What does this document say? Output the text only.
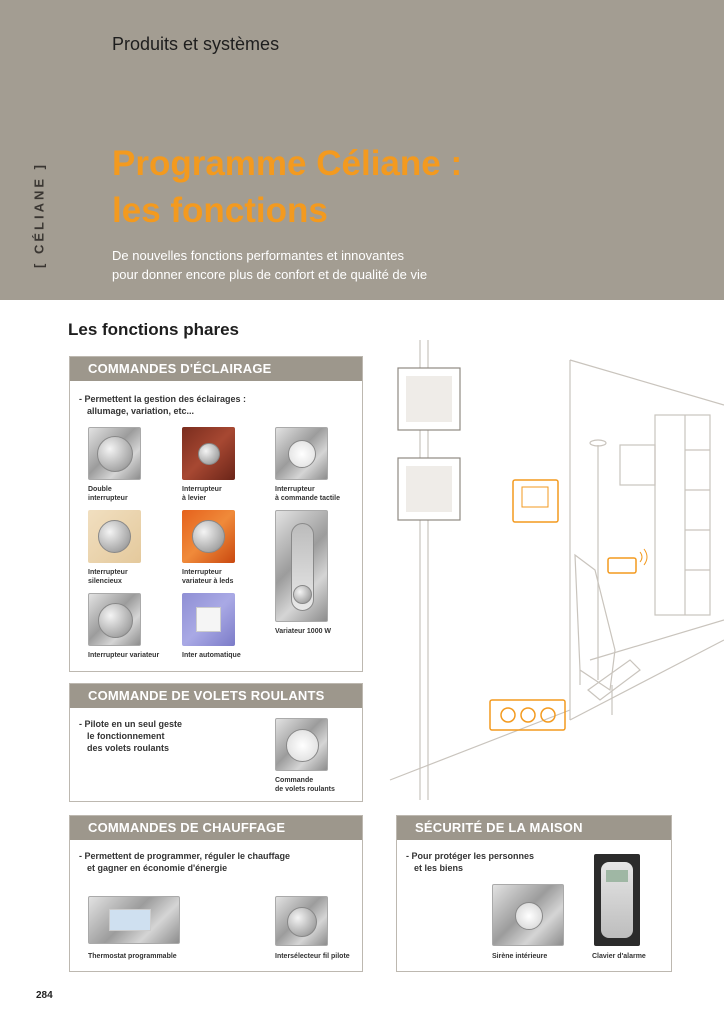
Produits et systèmes
[ CÉLIANE ] Programme Céliane :
les fonctions
De nouvelles fonctions performantes et innovantes
pour donner encore plus de confort et de qualité de vie
Les fonctions phares
COMMANDES D'ÉCLAIRAGE
- Permettent la gestion des éclairages :
allumage, variation, etc...
Double
interrupteur
Interrupteur
à levier
Interrupteur
à commande tactile
Interrupteur
silencieux
Interrupteur
variateur à leds
Variateur 1000 W
Interrupteur variateur	Inter automatique
COMMANDE DE VOLETS ROULANTS
- Pilote en un seul geste
le fonctionnement
des volets roulants
Commande
de volets roulants
COMMANDES DE CHAUFFAGE
- Permettent de programmer, réguler le chauffage
et gagner en économie d'énergie
Thermostat programmable	Intersélecteur fil pilote
SÉCURITÉ DE LA MAISON
- Pour protéger les personnes
et les biens
Sirène intérieure	Clavier d'alarme
284
